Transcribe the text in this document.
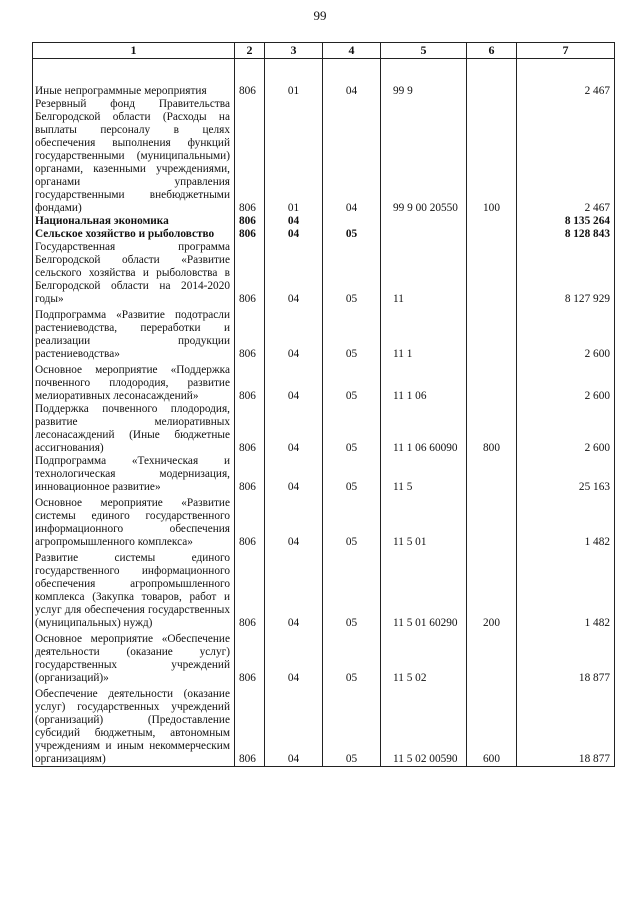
99
1	2	3	4	5	6	7
Иные непрограммные мероприятия	806	01	04	99 9		2 467
Резервный фонд Правительства Белгородской области (Расходы на выплаты персоналу в целях обеспечения выполнения функций государственными (муниципальными) органами, казенными учреждениями, органами управления государственными внебюджетными фондами)	806	01	04	99 9 00 20550	100	2 467
Национальная экономика	806	04				8 135 264
Сельское хозяйство и рыболовство	806	04	05			8 128 843
Государственная программа Белгородской области «Развитие сельского хозяйства и рыболовства в Белгородской области на 2014-2020 годы»	806	04	05	11		8 127 929
Подпрограмма «Развитие подотрасли растениеводства, переработки и реализации продукции растениеводства»	806	04	05	11 1		2 600
Основное мероприятие «Поддержка почвенного плодородия, развитие мелиоративных лесонасаждений»	806	04	05	11 1 06		2 600
Поддержка почвенного плодородия, развитие мелиоративных лесонасаждений (Иные бюджетные ассигнования)	806	04	05	11 1 06 60090	800	2 600
Подпрограмма «Техническая и технологическая модернизация, инновационное развитие»	806	04	05	11 5		25 163
Основное мероприятие «Развитие системы единого государственного информационного обеспечения агропромышленного комплекса»	806	04	05	11 5 01		1 482
Развитие системы единого государственного информационного обеспечения агропромышленного комплекса (Закупка товаров, работ и услуг для обеспечения государственных (муниципальных) нужд)	806	04	05	11 5 01 60290	200	1 482
Основное мероприятие «Обеспечение деятельности (оказание услуг) государственных учреждений (организаций)»	806	04	05	11 5 02		18 877
Обеспечение деятельности (оказание услуг) государственных учреждений (организаций) (Предоставление субсидий бюджетным, автономным учреждениям и иным некоммерческим организациям)	806	04	05	11 5 02 00590	600	18 877
